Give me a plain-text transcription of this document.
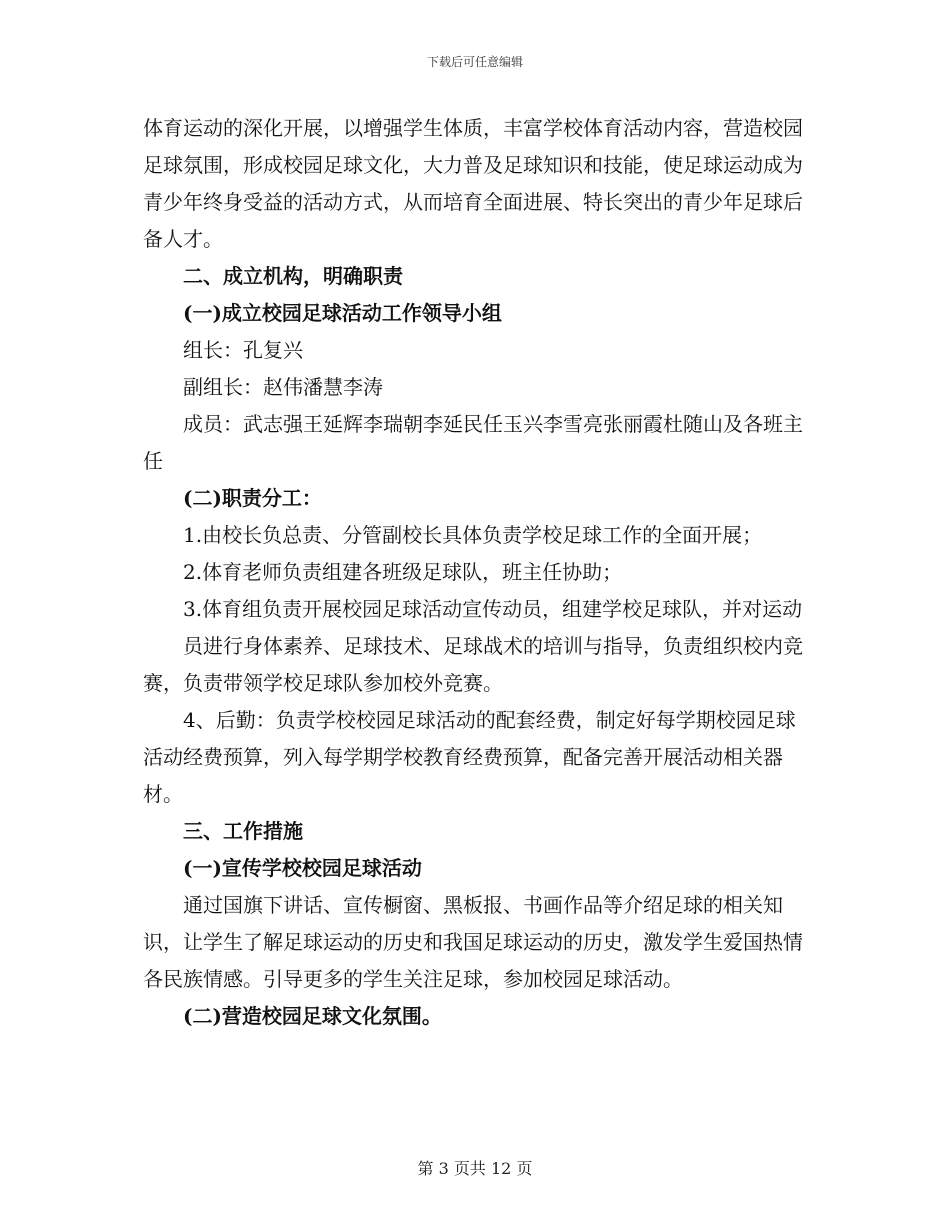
下载后可任意编辑

体育运动的深化开展，以增强学生体质，丰富学校体育活动内容，营造校园足球氛围，形成校园足球文化，大力普及足球知识和技能，使足球运动成为青少年终身受益的活动方式，从而培育全面进展、特长突出的青少年足球后备人才。

二、成立机构，明确职责

(一)成立校园足球活动工作领导小组

组长：孔复兴

副组长：赵伟潘慧李涛

成员：武志强王延辉李瑞朝李延民任玉兴李雪亮张丽霞杜随山及各班主任

(二)职责分工：

1.由校长负总责、分管副校长具体负责学校足球工作的全面开展；

2.体育老师负责组建各班级足球队，班主任协助；

3.体育组负责开展校园足球活动宣传动员，组建学校足球队，并对运动

员进行身体素养、足球技术、足球战术的培训与指导，负责组织校内竞赛，负责带领学校足球队参加校外竞赛。

4、后勤：负责学校校园足球活动的配套经费，制定好每学期校园足球活动经费预算，列入每学期学校教育经费预算，配备完善开展活动相关器材。

三、工作措施

(一)宣传学校校园足球活动

通过国旗下讲话、宣传橱窗、黑板报、书画作品等介绍足球的相关知识，让学生了解足球运动的历史和我国足球运动的历史，激发学生爱国热情各民族情感。引导更多的学生关注足球，参加校园足球活动。

(二)营造校园足球文化氛围。

第 3 页共 12 页
